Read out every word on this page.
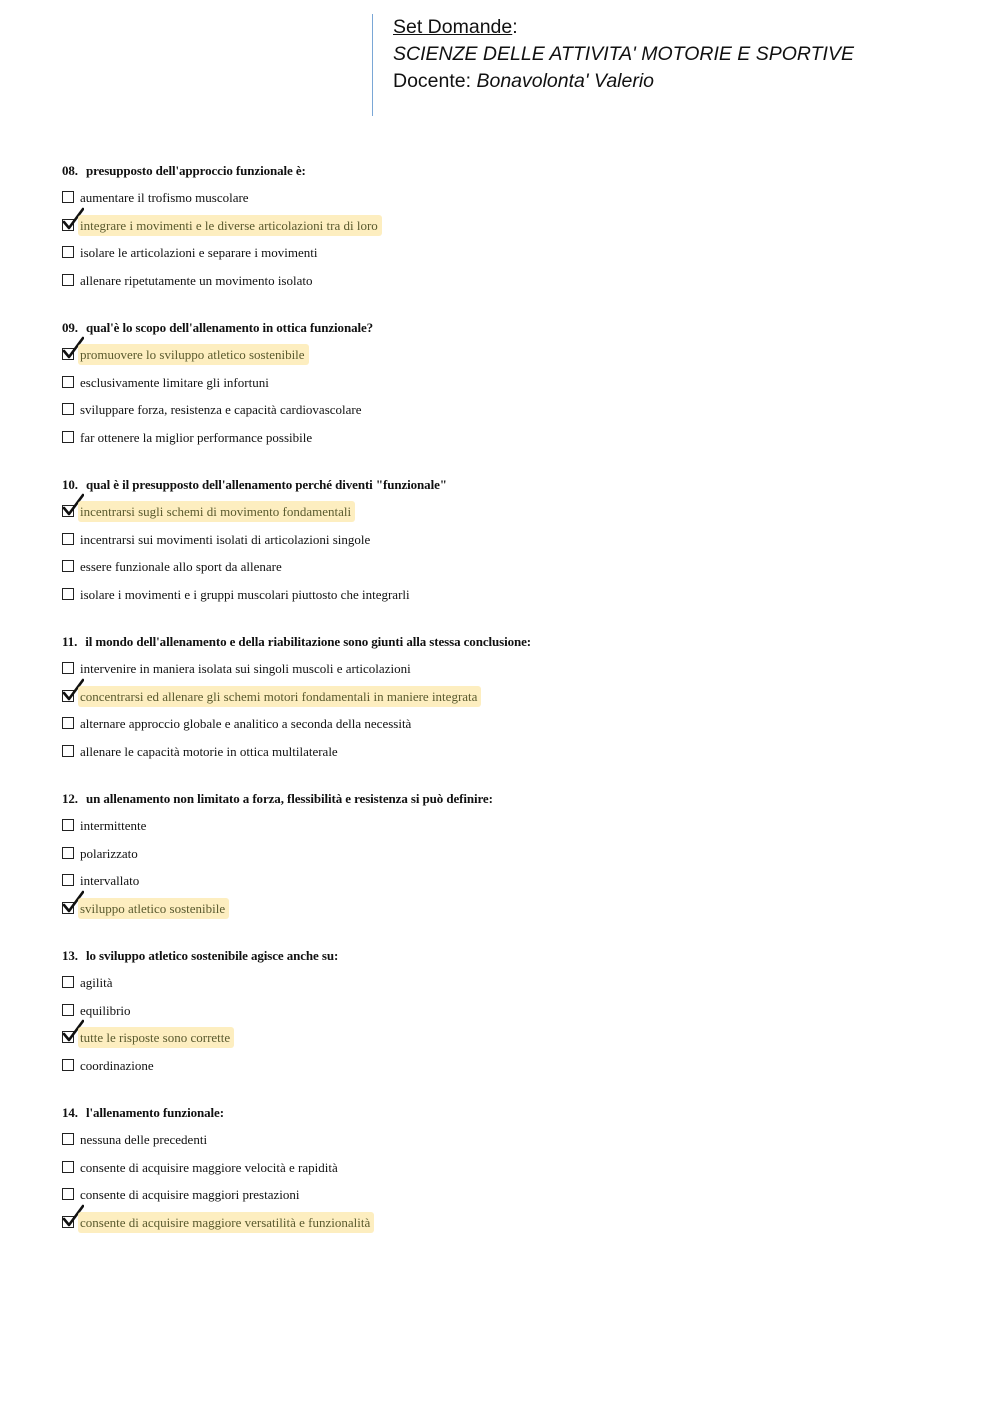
Set Domande:
SCIENZE DELLE ATTIVITA' MOTORIE E SPORTIVE
Docente: Bonavolonta' Valerio
08. presupposto dell'approccio funzionale è:
aumentare il trofismo muscolare
integrare i movimenti e le diverse articolazioni tra di loro
isolare le articolazioni e separare i movimenti
allenare ripetutamente un movimento isolato
09. qual'è lo scopo dell'allenamento in ottica funzionale?
promuovere lo sviluppo atletico sostenibile
esclusivamente limitare gli infortuni
sviluppare forza, resistenza e capacità cardiovascolare
far ottenere la miglior performance possibile
10. qual è il presupposto dell'allenamento perché diventi "funzionale"
incentrarsi sugli schemi di movimento fondamentali
incentrarsi sui movimenti isolati di articolazioni singole
essere funzionale allo sport da allenare
isolare i movimenti e i gruppi muscolari piuttosto che integrarli
11. il mondo dell'allenamento e della riabilitazione sono giunti alla stessa conclusione:
intervenire in maniera isolata sui singoli muscoli e articolazioni
concentrarsi ed allenare gli schemi motori fondamentali in maniere integrata
alternare approccio globale e analitico a seconda della necessità
allenare le capacità motorie in ottica multilaterale
12. un allenamento non limitato a forza, flessibilità e resistenza si può definire:
intermittente
polarizzato
intervallato
sviluppo atletico sostenibile
13. lo sviluppo atletico sostenibile agisce anche su:
agilità
equilibrio
tutte le risposte sono corrette
coordinazione
14. l'allenamento funzionale:
nessuna delle precedenti
consente di acquisire maggiore velocità e rapidità
consente di acquisire maggiori prestazioni
consente di acquisire maggiore versatilità e funzionalità
